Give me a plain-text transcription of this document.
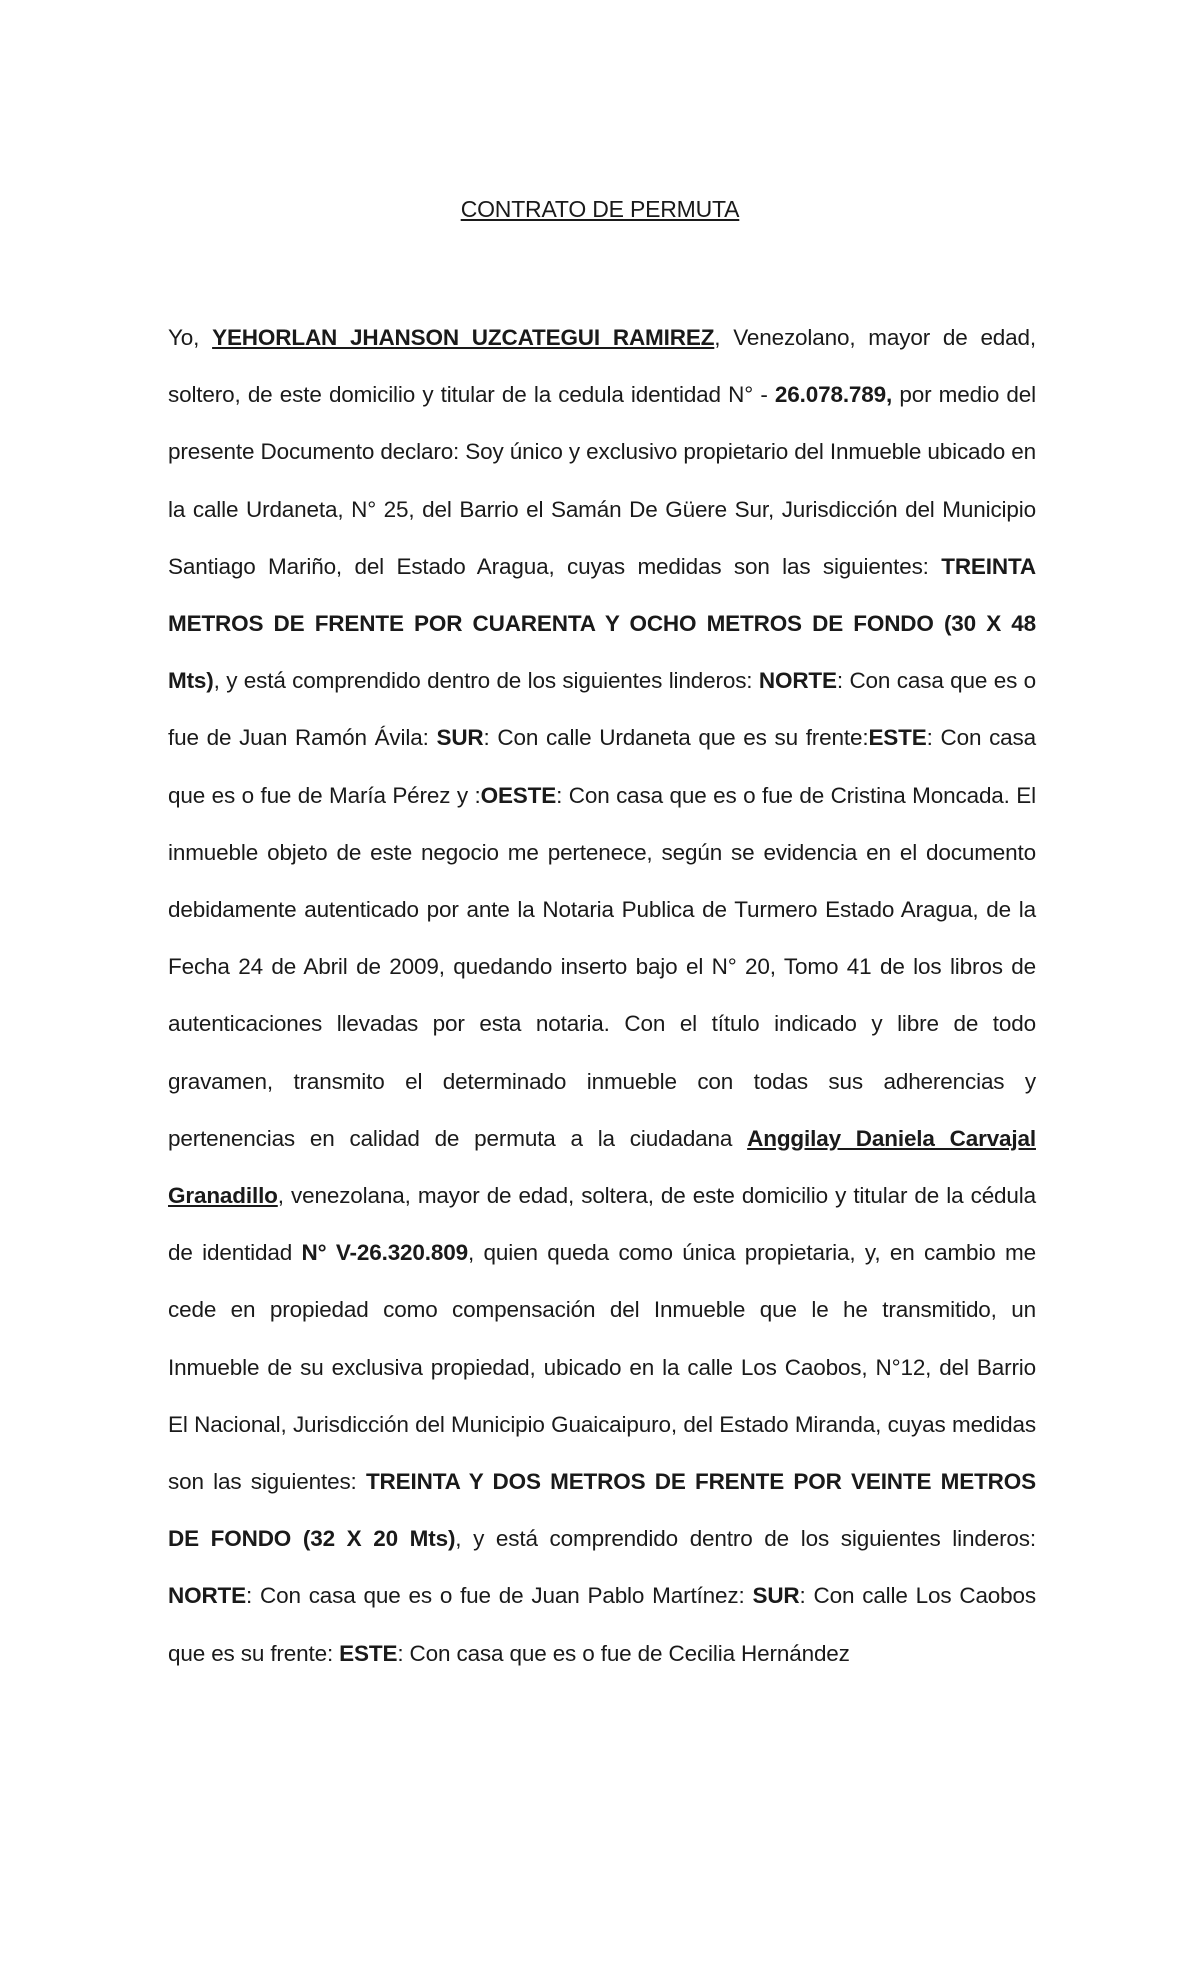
CONTRATO DE PERMUTA

Yo, YEHORLAN JHANSON UZCATEGUI RAMIREZ, Venezolano, mayor de edad, soltero, de este domicilio y titular de la cedula identidad N° - 26.078.789, por medio del presente Documento declaro: Soy único y exclusivo propietario del Inmueble ubicado en la calle Urdaneta, N° 25, del Barrio el Samán De Güere Sur, Jurisdicción del Municipio Santiago Mariño, del Estado Aragua, cuyas medidas son las siguientes: TREINTA METROS DE FRENTE POR CUARENTA Y OCHO METROS DE FONDO (30 X 48 Mts), y está comprendido dentro de los siguientes linderos: NORTE: Con casa que es o fue de Juan Ramón Ávila: SUR: Con calle Urdaneta que es su frente:ESTE: Con casa que es o fue de María Pérez y :OESTE: Con casa que es o fue de Cristina Moncada. El inmueble objeto de este negocio me pertenece, según se evidencia en el documento debidamente autenticado por ante la Notaria Publica de Turmero Estado Aragua, de la Fecha 24 de Abril de 2009, quedando inserto bajo el N° 20, Tomo 41 de los libros de autenticaciones llevadas por esta notaria. Con el título indicado y libre de todo gravamen, transmito el determinado inmueble con todas sus adherencias y pertenencias en calidad de permuta a la ciudadana Anggilay Daniela Carvajal Granadillo, venezolana, mayor de edad, soltera, de este domicilio y titular de la cédula de identidad N° V-26.320.809, quien queda como única propietaria, y, en cambio me cede en propiedad como compensación del Inmueble que le he transmitido, un Inmueble de su exclusiva propiedad, ubicado en la calle Los Caobos, N°12, del Barrio El Nacional, Jurisdicción del Municipio Guaicaipuro, del Estado Miranda, cuyas medidas son las siguientes: TREINTA Y DOS METROS DE FRENTE POR VEINTE METROS DE FONDO (32 X 20 Mts), y está comprendido dentro de los siguientes linderos: NORTE: Con casa que es o fue de Juan Pablo Martínez: SUR: Con calle Los Caobos que es su frente: ESTE: Con casa que es o fue de Cecilia Hernández
